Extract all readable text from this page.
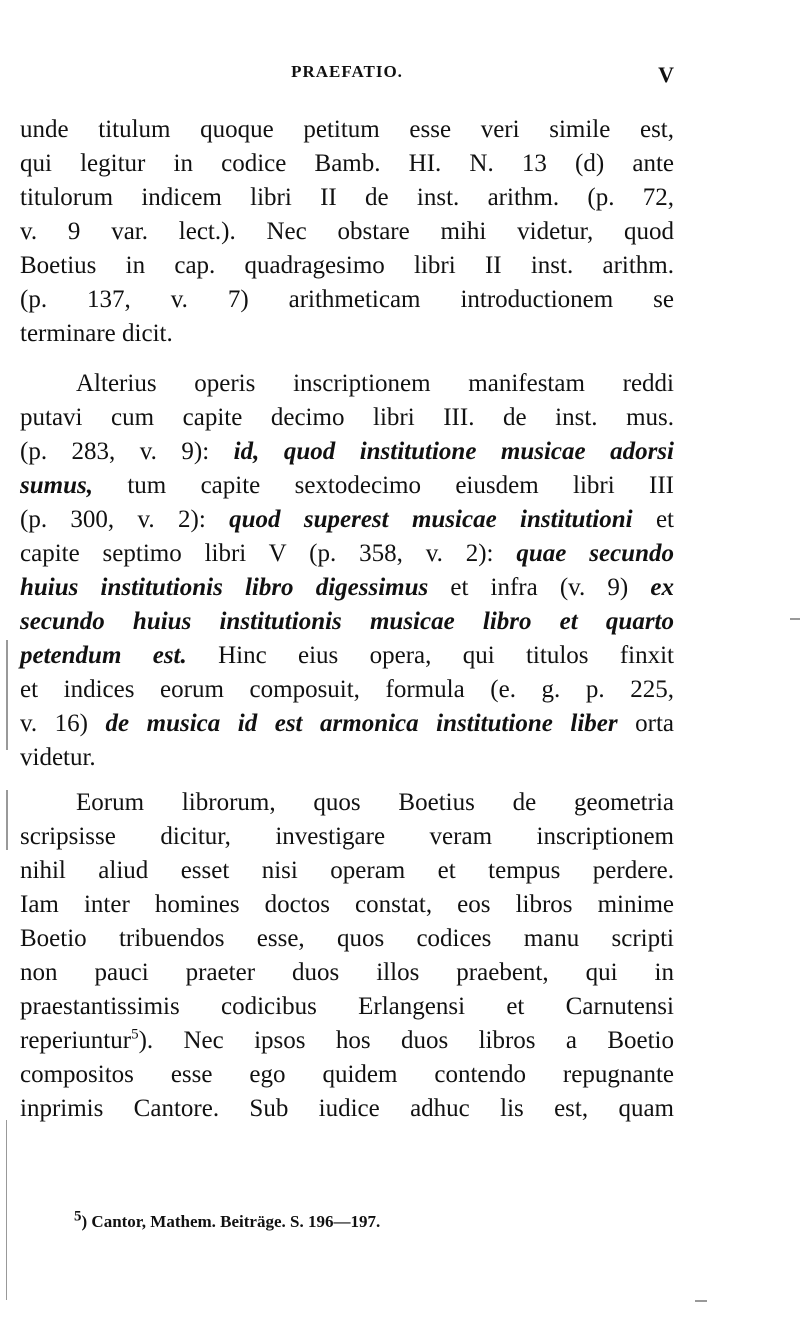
PRAEFATIO.	V
unde titulum quoque petitum esse veri simile est,
qui legitur in codice Bamb. HI. N. 13 (d) ante
titulorum indicem libri II de inst. arithm. (p. 72,
v. 9 var. lect.). Nec obstare mihi videtur, quod
Boetius in cap. quadragesimo libri II inst. arithm.
(p. 137, v. 7) arithmeticam introductionem se
terminare dicit.
Alterius operis inscriptionem manifestam reddi
putavi cum capite decimo libri III. de inst. mus.
(p. 283, v. 9): id, quod institutione musicae adorsi
sumus, tum capite sextodecimo eiusdem libri III
(p. 300, v. 2): quod superest musicae institutioni et
capite septimo libri V (p. 358, v. 2): quae secundo
huius institutionis libro digessimus et infra (v. 9) ex
secundo huius institutionis musicae libro et quarto
petendum est. Hinc eius opera, qui titulos finxit
et indices eorum composuit, formula (e. g. p. 225,
v. 16) de musica id est armonica institutione liber orta
videtur.
Eorum librorum, quos Boetius de geometria
scripsisse dicitur, investigare veram inscriptionem
nihil aliud esset nisi operam et tempus perdere.
Iam inter homines doctos constat, eos libros minime
Boetio tribuendos esse, quos codices manu scripti
non pauci praeter duos illos praebent, qui in
praestantissimis codicibus Erlangensi et Carnutensi
reperiuntur$^5$). Nec ipsos hos duos libros a Boetio
compositos esse ego quidem contendo repugnante
inprimis Cantore. Sub iudice adhuc lis est, quam
$^5$) Cantor, Mathem. Beiträge. S. 196—197.
